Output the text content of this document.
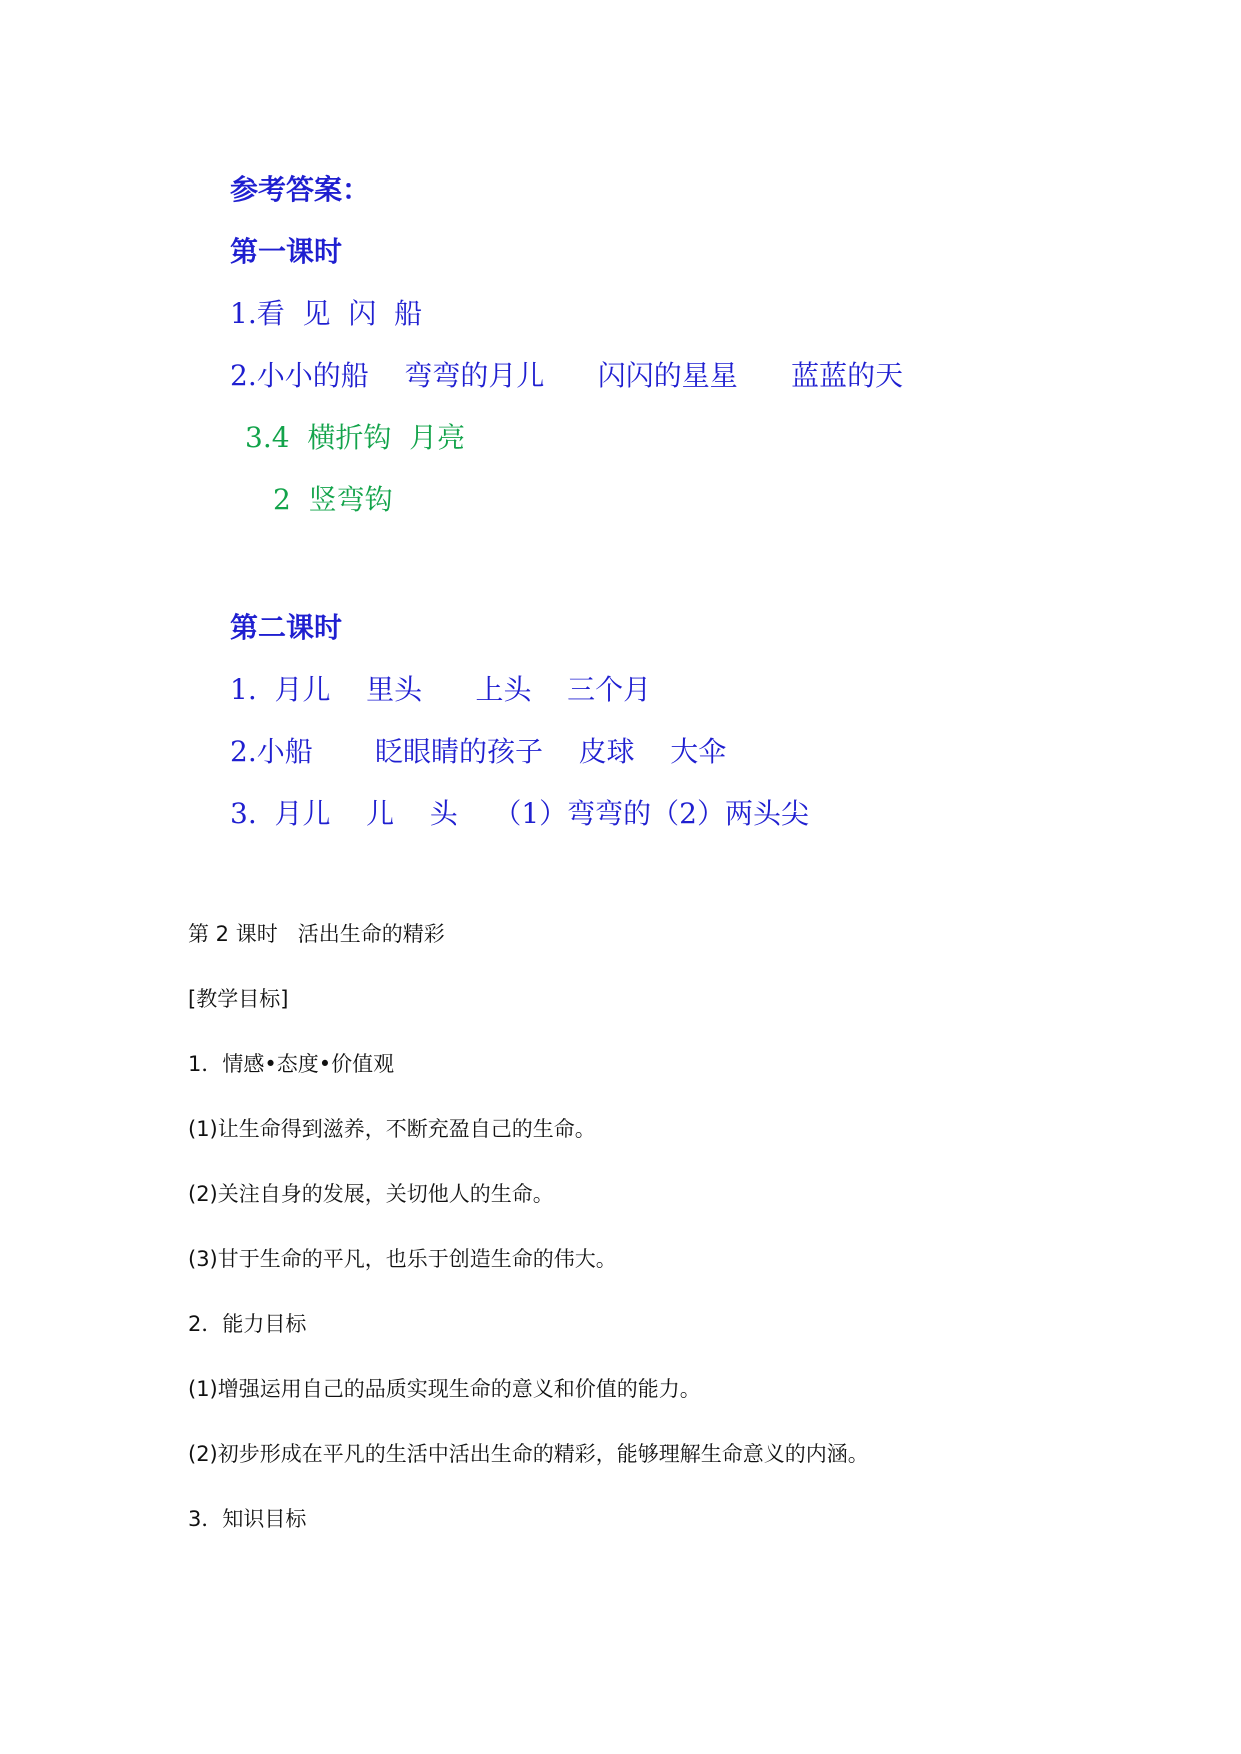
参考答案：
第一课时
1.看  见  闪  船
2.小小的船    弯弯的月儿      闪闪的星星      蓝蓝的天
3.4  横折钩  月亮
2  竖弯钩
第二课时
1.  月儿    里头      上头    三个月
2.小船       眨眼睛的孩子    皮球    大伞
3.  月儿    儿    头    （1）弯弯的（2）两头尖
第 2 课时   活出生命的精彩
[教学目标]
1．情感•态度•价值观
(1)让生命得到滋养，不断充盈自己的生命。
(2)关注自身的发展，关切他人的生命。
(3)甘于生命的平凡，也乐于创造生命的伟大。
2．能力目标
(1)增强运用自己的品质实现生命的意义和价值的能力。
(2)初步形成在平凡的生活中活出生命的精彩，能够理解生命意义的内涵。
3．知识目标
